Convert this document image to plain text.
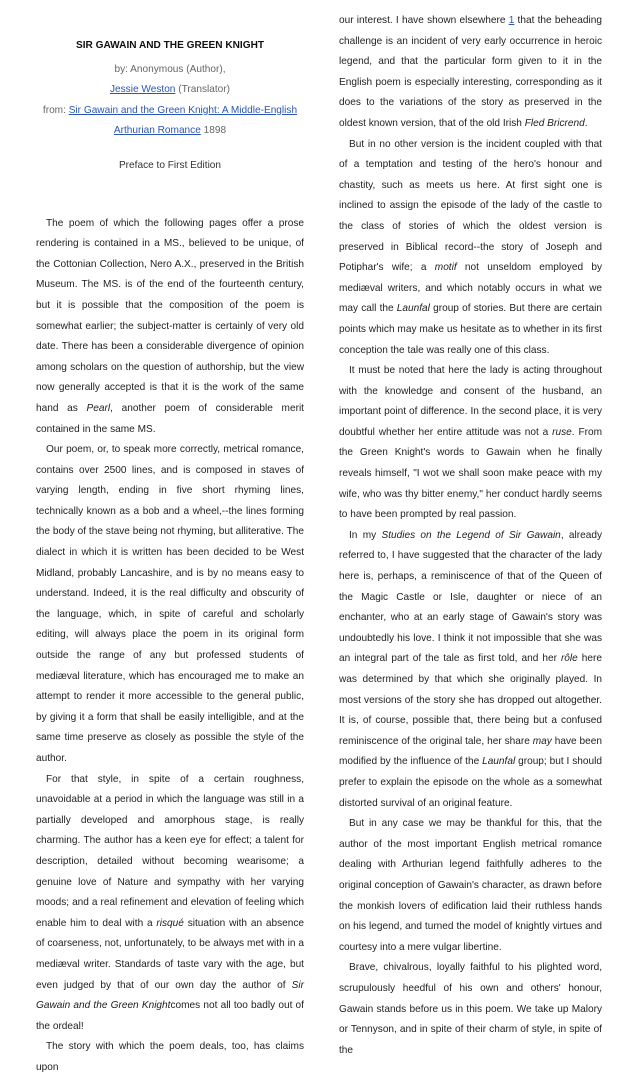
SIR GAWAIN AND THE GREEN KNIGHT
by: Anonymous (Author),
Jessie Weston (Translator)
from: Sir Gawain and the Green Knight: A Middle-English Arthurian Romance 1898
Preface to First Edition

The poem of which the following pages offer a prose rendering is contained in a MS., believed to be unique, of the Cottonian Collection, Nero A.X., preserved in the British Museum. The MS. is of the end of the fourteenth century, but it is possible that the composition of the poem is somewhat earlier; the subject-matter is certainly of very old date. There has been a considerable divergence of opinion among scholars on the question of authorship, but the view now generally accepted is that it is the work of the same hand as Pearl, another poem of considerable merit contained in the same MS.

Our poem, or, to speak more correctly, metrical romance, contains over 2500 lines, and is composed in staves of varying length, ending in five short rhyming lines, technically known as a bob and a wheel,--the lines forming the body of the stave being not rhyming, but alliterative. The dialect in which it is written has been decided to be West Midland, probably Lancashire, and is by no means easy to understand. Indeed, it is the real difficulty and obscurity of the language, which, in spite of careful and scholarly editing, will always place the poem in its original form outside the range of any but professed students of mediæval literature, which has encouraged me to make an attempt to render it more accessible to the general public, by giving it a form that shall be easily intelligible, and at the same time preserve as closely as possible the style of the author.

For that style, in spite of a certain roughness, unavoidable at a period in which the language was still in a partially developed and amorphous stage, is really charming. The author has a keen eye for effect; a talent for description, detailed without becoming wearisome; a genuine love of Nature and sympathy with her varying moods; and a real refinement and elevation of feeling which enable him to deal with a risqué situation with an absence of coarseness, not, unfortunately, to be always met with in a mediæval writer. Standards of taste vary with the age, but even judged by that of our own day the author of Sir Gawain and the Green Knightcomes not all too badly out of the ordeal!

The story with which the poem deals, too, has claims upon

our interest. I have shown elsewhere 1 that the beheading challenge is an incident of very early occurrence in heroic legend, and that the particular form given to it in the English poem is especially interesting, corresponding as it does to the variations of the story as preserved in the oldest known version, that of the old Irish Fled Bricrend.

But in no other version is the incident coupled with that of a temptation and testing of the hero's honour and chastity, such as meets us here. At first sight one is inclined to assign the episode of the lady of the castle to the class of stories of which the oldest version is preserved in Biblical record--the story of Joseph and Potiphar's wife; a motif not unseldom employed by mediæval writers, and which notably occurs in what we may call the Launfal group of stories. But there are certain points which may make us hesitate as to whether in its first conception the tale was really one of this class.

It must be noted that here the lady is acting throughout with the knowledge and consent of the husband, an important point of difference. In the second place, it is very doubtful whether her entire attitude was not a ruse. From the Green Knight's words to Gawain when he finally reveals himself, "I wot we shall soon make peace with my wife, who was thy bitter enemy," her conduct hardly seems to have been prompted by real passion.

In my Studies on the Legend of Sir Gawain, already referred to, I have suggested that the character of the lady here is, perhaps, a reminiscence of that of the Queen of the Magic Castle or Isle, daughter or niece of an enchanter, who at an early stage of Gawain's story was undoubtedly his love. I think it not impossible that she was an integral part of the tale as first told, and her rôle here was determined by that which she originally played. In most versions of the story she has dropped out altogether. It is, of course, possible that, there being but a confused reminiscence of the original tale, her share may have been modified by the influence of the Launfal group; but I should prefer to explain the episode on the whole as a somewhat distorted survival of an original feature.

But in any case we may be thankful for this, that the author of the most important English metrical romance dealing with Arthurian legend faithfully adheres to the original conception of Gawain's character, as drawn before the monkish lovers of edification laid their ruthless hands on his legend, and turned the model of knightly virtues and courtesy into a mere vulgar libertine.

Brave, chivalrous, loyally faithful to his plighted word, scrupulously heedful of his own and others' honour, Gawain stands before us in this poem. We take up Malory or Tennyson, and in spite of their charm of style, in spite of the
